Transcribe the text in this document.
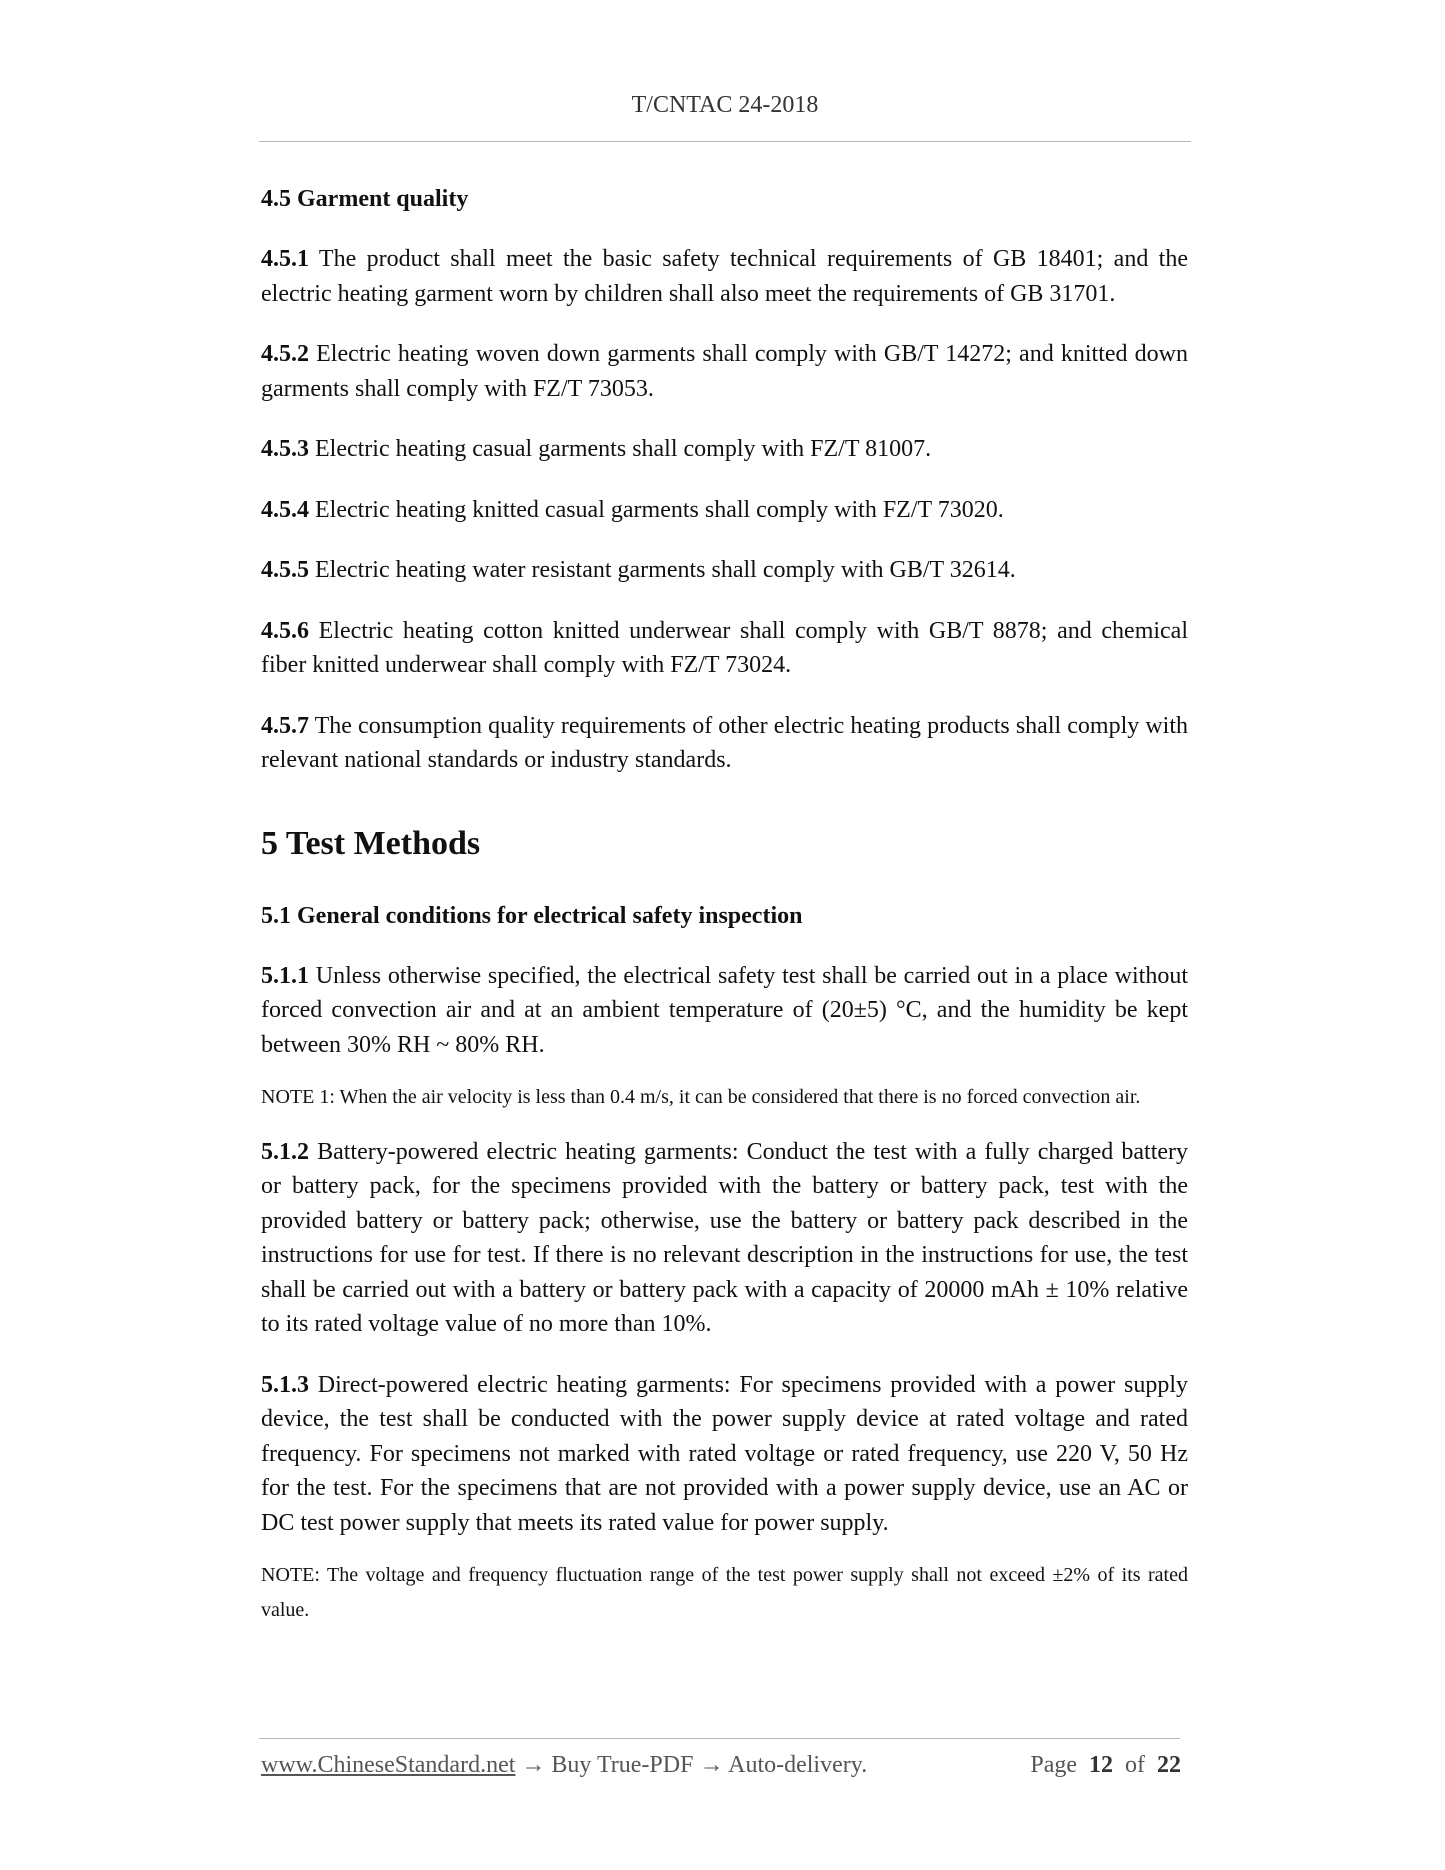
T/CNTAC 24-2018
4.5 Garment quality

4.5.1 The product shall meet the basic safety technical requirements of GB 18401; and the electric heating garment worn by children shall also meet the requirements of GB 31701.

4.5.2 Electric heating woven down garments shall comply with GB/T 14272; and knitted down garments shall comply with FZ/T 73053.

4.5.3 Electric heating casual garments shall comply with FZ/T 81007.

4.5.4 Electric heating knitted casual garments shall comply with FZ/T 73020.

4.5.5 Electric heating water resistant garments shall comply with GB/T 32614.

4.5.6 Electric heating cotton knitted underwear shall comply with GB/T 8878; and chemical fiber knitted underwear shall comply with FZ/T 73024.

4.5.7 The consumption quality requirements of other electric heating products shall comply with relevant national standards or industry standards.

5 Test Methods
5.1 General conditions for electrical safety inspection

5.1.1 Unless otherwise specified, the electrical safety test shall be carried out in a place without forced convection air and at an ambient temperature of (20±5) °C, and the humidity be kept between 30% RH ~ 80% RH.

NOTE 1: When the air velocity is less than 0.4 m/s, it can be considered that there is no forced convection air.

5.1.2 Battery-powered electric heating garments: Conduct the test with a fully charged battery or battery pack, for the specimens provided with the battery or battery pack, test with the provided battery or battery pack; otherwise, use the battery or battery pack described in the instructions for use for test. If there is no relevant description in the instructions for use, the test shall be carried out with a battery or battery pack with a capacity of 20000 mAh ± 10% relative to its rated voltage value of no more than 10%.

5.1.3 Direct-powered electric heating garments: For specimens provided with a power supply device, the test shall be conducted with the power supply device at rated voltage and rated frequency. For specimens not marked with rated voltage or rated frequency, use 220 V, 50 Hz for the test. For the specimens that are not provided with a power supply device, use an AC or DC test power supply that meets its rated value for power supply.

NOTE: The voltage and frequency fluctuation range of the test power supply shall not exceed ±2% of its rated value.

www.ChineseStandard.net → Buy True-PDF → Auto-delivery.	Page 12 of 22
